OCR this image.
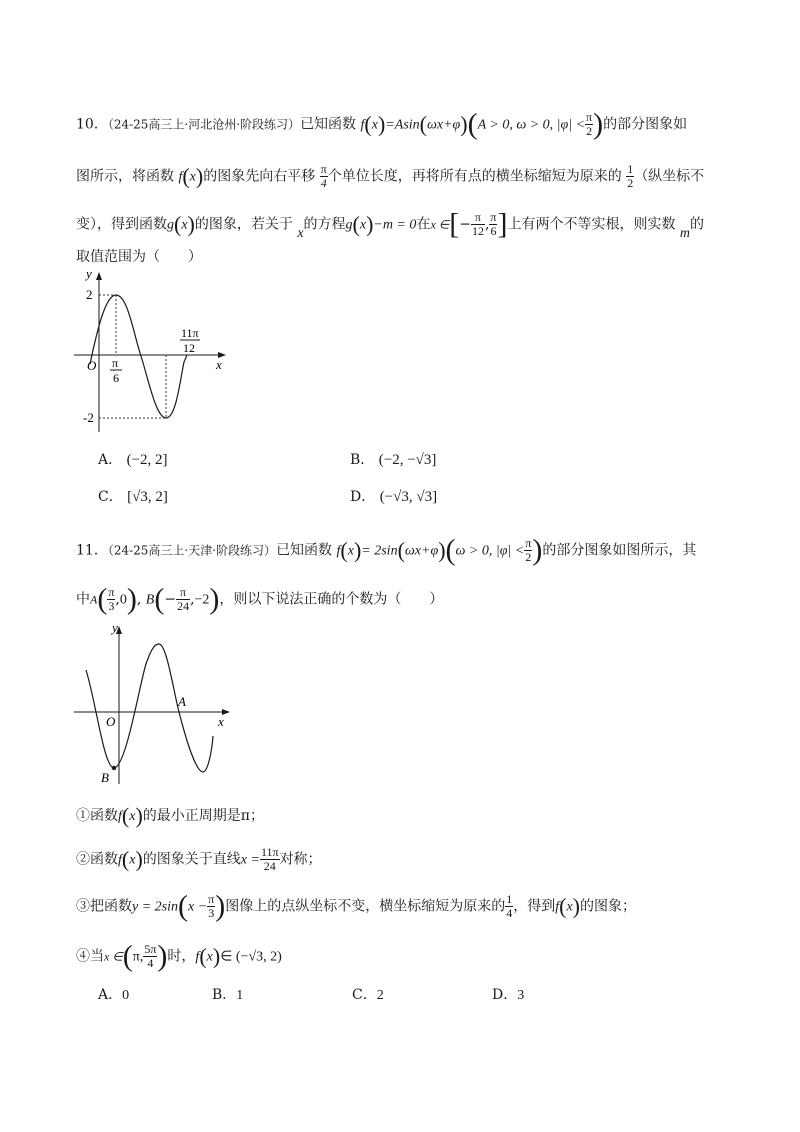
10．（24-25高三上·河北沧州·阶段练习）已知函数 f(x)=Asin(ωx+φ)(A > 0, ω > 0, $|\varphi| < \frac{\pi}{2}$ )的部分图象如
图所示，将函数 f(x)的图象先向右平移 $\frac{\pi}{4}$ 个单位长度，再将所有点的横坐标缩短为原来的 $\frac{1}{2}$ （纵坐标不
变），得到函数g(x)的图象，若关于 x的方程g(x)−m = 0在x ∈[− $\frac{\pi}{12}$ , $\frac{\pi}{6}$ ]上有两个不等实根，则实数 m的
取值范围为（　　）
y
x
O
2
-2
π
6
11π
12
A． (−2, 2]	B． (−2, −√3]
C． [√3, 2]	D． (−√3, √3]
11．（24-25高三上·天津·阶段练习）已知函数 f(x)= 2sin(ωx+φ)(ω > 0, $|\varphi| < \frac{\pi}{2}$ )的部分图象如图所示，其
中$A( \frac{\pi}{3} ,0)$, $B(- \frac{\pi}{24} ,-2)$，则以下说法正确的个数为（　　）
y
x
O
A
B
①函数f(x)的最小正周期是π；
②函数f(x)的图象关于直线$x = \frac{11\pi}{24}$ 对称；
③把函数$y = 2\sin(x - \frac{\pi}{3}$ )图像上的点纵坐标不变，横坐标缩短为原来的 $\frac{1}{4}$ ，得到f(x)的图象；
④当x ∈(π, $\frac{5\pi}{4}$ )时，f(x)∈ (−√3, 2)
A．0	B．1	C．2	D．3
